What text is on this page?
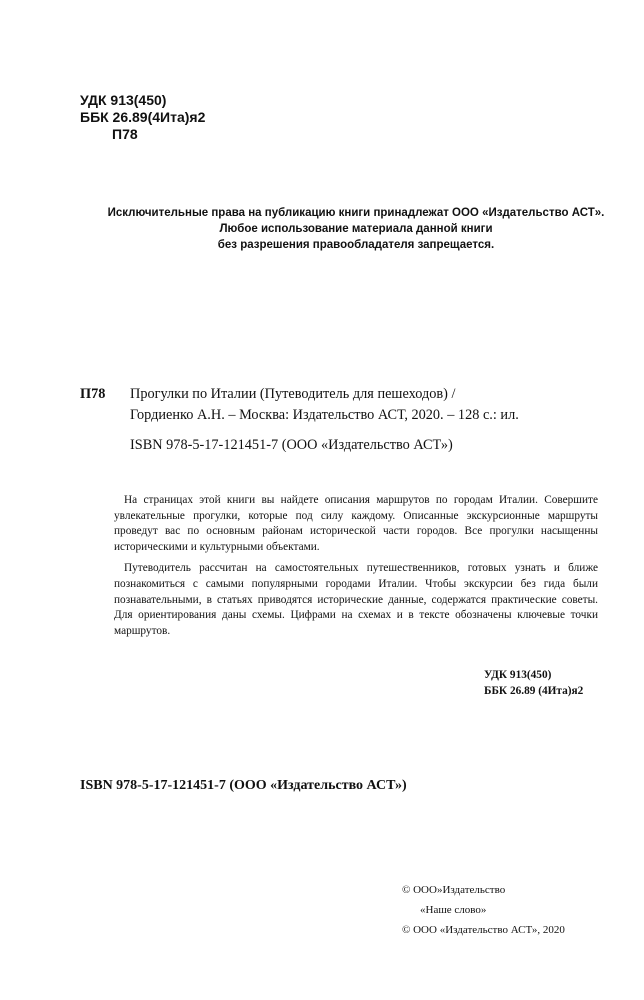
УДК 913(450)
ББК 26.89(4Ита)я2
П78
Исключительные права на публикацию книги принадлежат ООО «Издательство АСТ».
Любое использование материала данной книги
без разрешения правообладателя запрещается.
П78 Прогулки по Италии (Путеводитель для пешеходов) /
Гордиенко А.Н. – Москва: Издательство АСТ, 2020. – 128 с.: ил.
ISBN 978-5-17-121451-7 (ООО «Издательство АСТ»)

На страницах этой книги вы найдете описания маршрутов по городам Италии. Совершите увлекательные прогулки, которые под силу каждому. Описанные экскурсионные маршруты проведут вас по основным районам исторической части городов. Все прогулки насыщенны историческими и культурными объектами.

Путеводитель рассчитан на самостоятельных путешественников, готовых узнать и ближе познакомиться с самыми популярными городами Италии. Чтобы экскурсии без гида были познавательными, в статьях приводятся исторические данные, содержатся практические советы. Для ориентирования даны схемы. Цифрами на схемах и в тексте обозначены ключевые точки маршрутов.

УДК 913(450)
ББК 26.89 (4Ита)я2
ISBN 978-5-17-121451-7 (ООО «Издательство АСТ»)
© ООО»Издательство
«Наше слово»
© ООО «Издательство АСТ», 2020
